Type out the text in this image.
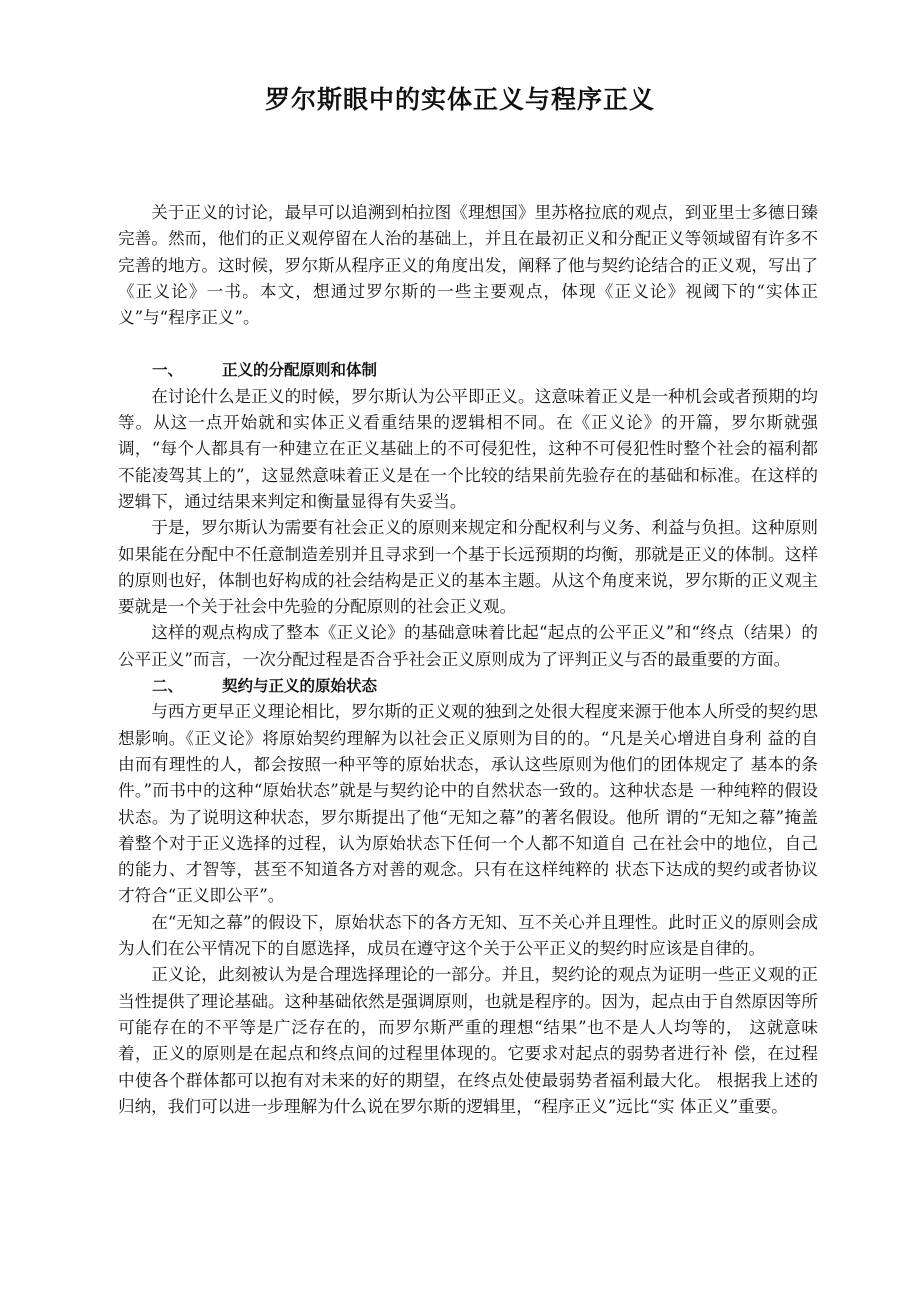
罗尔斯眼中的实体正义与程序正义

关于正义的讨论，最早可以追溯到柏拉图《理想国》里苏格拉底的观点，到亚里士多德日臻完善。然而，他们的正义观停留在人治的基础上，并且在最初正义和分配正义等领域留有许多不完善的地方。这时候，罗尔斯从程序正义的角度出发，阐释了他与契约论结合的正义观，写出了《正义论》一书。本文，想通过罗尔斯的一些主要观点，体现《正义论》视阈下的“实体正义”与“程序正义”。

一、	正义的分配原则和体制

在讨论什么是正义的时候，罗尔斯认为公平即正义。这意味着正义是一种机会或者预期的均等。从这一点开始就和实体正义看重结果的逻辑相不同。在《正义论》的开篇，罗尔斯就强调，“每个人都具有一种建立在正义基础上的不可侵犯性，这种不可侵犯性时整个社会的福利都不能凌驾其上的”，这显然意味着正义是在一个比较的结果前先验存在的基础和标准。在这样的逻辑下，通过结果来判定和衡量显得有失妥当。

于是，罗尔斯认为需要有社会正义的原则来规定和分配权利与义务、利益与负担。这种原则如果能在分配中不任意制造差别并且寻求到一个基于长远预期的均衡，那就是正义的体制。这样的原则也好，体制也好构成的社会结构是正义的基本主题。从这个角度来说，罗尔斯的正义观主要就是一个关于社会中先验的分配原则的社会正义观。

这样的观点构成了整本《正义论》的基础意味着比起“起点的公平正义”和“终点（结果）的公平正义”而言，一次分配过程是否合乎社会正义原则成为了评判正义与否的最重要的方面。

二、	契约与正义的原始状态

与西方更早正义理论相比，罗尔斯的正义观的独到之处很大程度来源于他本人所受的契约思想影响。《正义论》将原始契约理解为以社会正义原则为目的的。“凡是关心增进自身利 益的自由而有理性的人，都会按照一种平等的原始状态，承认这些原则为他们的团体规定了 基本的条件。”而书中的这种“原始状态”就是与契约论中的自然状态一致的。这种状态是 一种纯粹的假设状态。为了说明这种状态，罗尔斯提出了他“无知之幕”的著名假设。他所 谓的“无知之幕”掩盖着整个对于正义选择的过程，认为原始状态下任何一个人都不知道自 己在社会中的地位，自己的能力、才智等，甚至不知道各方对善的观念。只有在这样纯粹的 状态下达成的契约或者协议才符合“正义即公平”。

在“无知之幕”的假设下，原始状态下的各方无知、互不关心并且理性。此时正义的原则会成为人们在公平情况下的自愿选择，成员在遵守这个关于公平正义的契约时应该是自律的。

正义论，此刻被认为是合理选择理论的一部分。并且，契约论的观点为证明一些正义观的正当性提供了理论基础。这种基础依然是强调原则，也就是程序的。因为，起点由于自然原因等所可能存在的不平等是广泛存在的，而罗尔斯严重的理想“结果”也不是人人均等的， 这就意味着，正义的原则是在起点和终点间的过程里体现的。它要求对起点的弱势者进行补 偿，在过程中使各个群体都可以抱有对未来的好的期望，在终点处使最弱势者福利最大化。 根据我上述的归纳，我们可以进一步理解为什么说在罗尔斯的逻辑里，“程序正义”远比“实 体正义”重要。
